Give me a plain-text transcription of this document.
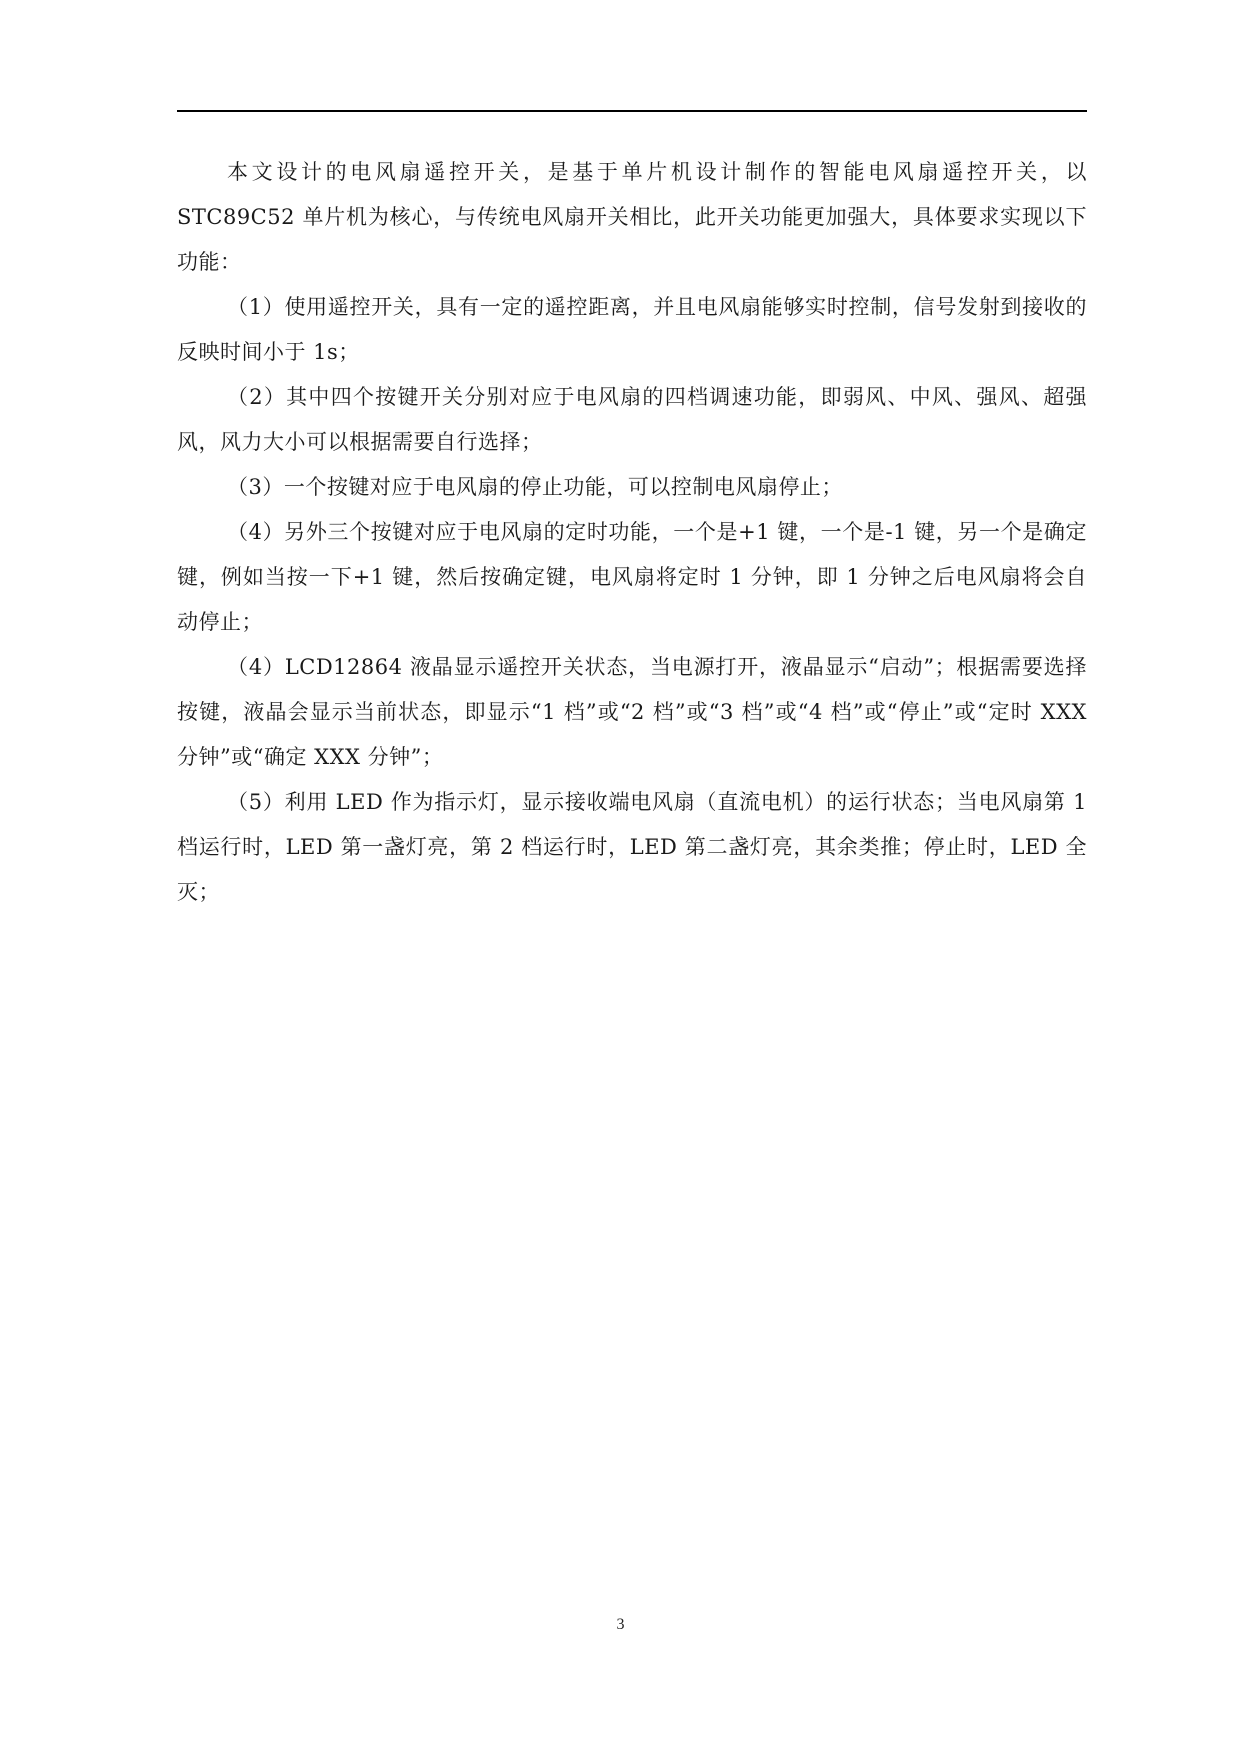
本文设计的电风扇遥控开关，是基于单片机设计制作的智能电风扇遥控开关，以 STC89C52 单片机为核心，与传统电风扇开关相比，此开关功能更加强大，具体要求实现以下功能：

（1）使用遥控开关，具有一定的遥控距离，并且电风扇能够实时控制，信号发射到接收的反映时间小于 1s；

（2）其中四个按键开关分别对应于电风扇的四档调速功能，即弱风、中风、强风、超强风，风力大小可以根据需要自行选择；

（3）一个按键对应于电风扇的停止功能，可以控制电风扇停止；

（4）另外三个按键对应于电风扇的定时功能，一个是+1 键，一个是-1 键，另一个是确定键，例如当按一下+1 键，然后按确定键，电风扇将定时 1 分钟，即 1 分钟之后电风扇将会自动停止；

（4）LCD12864 液晶显示遥控开关状态，当电源打开，液晶显示“启动”；根据需要选择按键，液晶会显示当前状态，即显示“1 档”或“2 档”或“3 档”或“4 档”或“停止”或“定时 XXX 分钟”或“确定 XXX 分钟”；

（5）利用 LED 作为指示灯，显示接收端电风扇（直流电机）的运行状态；当电风扇第 1 档运行时，LED 第一盏灯亮，第 2 档运行时，LED 第二盏灯亮，其余类推；停止时，LED 全灭；

3
